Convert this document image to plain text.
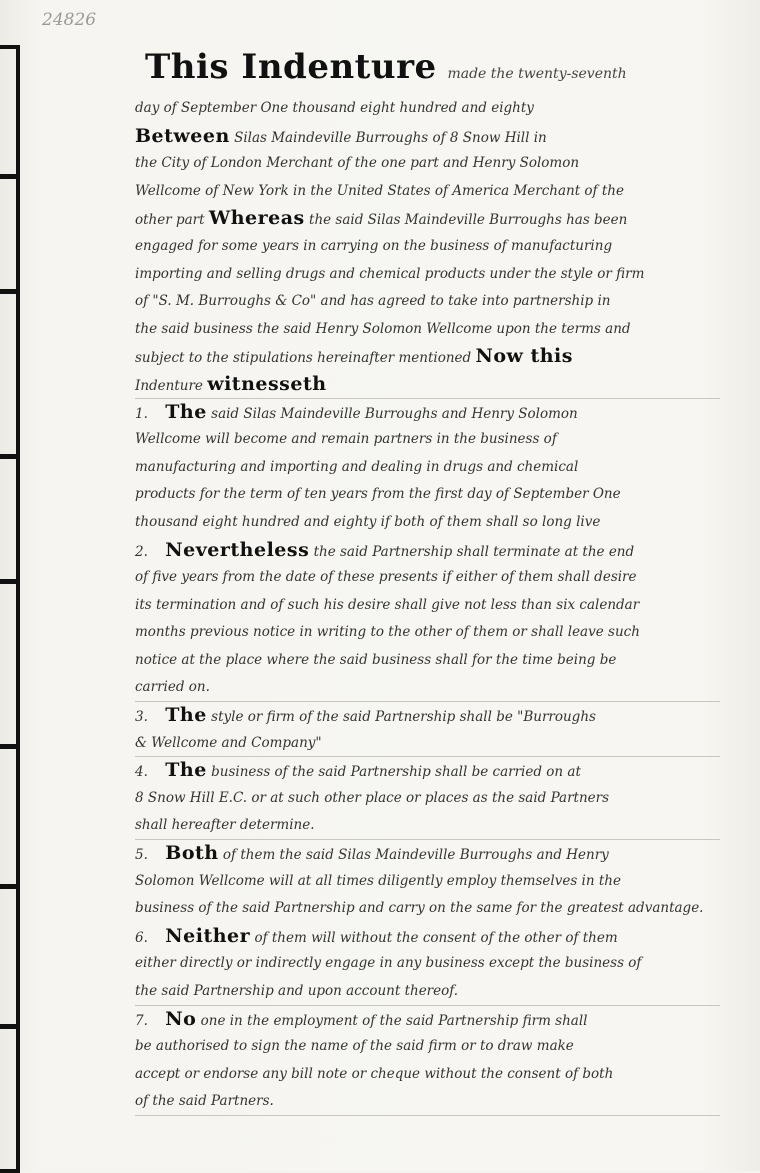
24826
This Indenture made the twenty-seventh
day of September One thousand eight hundred and eighty
Between Silas Maindeville Burroughs of 8 Snow Hill in
the City of London Merchant of the one part and Henry Solomon
Wellcome of New York in the United States of America Merchant of the
other part Whereas the said Silas Maindeville Burroughs has been
engaged for some years in carrying on the business of manufacturing
importing and selling drugs and chemical products under the style or firm
of "S. M. Burroughs & Co" and has agreed to take into partnership in
the said business the said Henry Solomon Wellcome upon the terms and
subject to the stipulations hereinafter mentioned Now this
Indenture witnesseth
1. The said Silas Maindeville Burroughs and Henry Solomon
Wellcome will become and remain partners in the business of
manufacturing and importing and dealing in drugs and chemical
products for the term of ten years from the first day of September One
thousand eight hundred and eighty if both of them shall so long live
2. Nevertheless the said Partnership shall terminate at the end
of five years from the date of these presents if either of them shall desire
its termination and of such his desire shall give not less than six calendar
months previous notice in writing to the other of them or shall leave such
notice at the place where the said business shall for the time being be
carried on.
3. The style or firm of the said Partnership shall be "Burroughs
& Wellcome and Company"
4. The business of the said Partnership shall be carried on at
8 Snow Hill E.C. or at such other place or places as the said Partners
shall hereafter determine.
5. Both of them the said Silas Maindeville Burroughs and Henry
Solomon Wellcome will at all times diligently employ themselves in the
business of the said Partnership and carry on the same for the greatest advantage.
6. Neither of them will without the consent of the other of them
either directly or indirectly engage in any business except the business of
the said Partnership and upon account thereof.
7. No one in the employment of the said Partnership firm shall
be authorised to sign the name of the said firm or to draw make
accept or endorse any bill note or cheque without the consent of both
of the said Partners.
